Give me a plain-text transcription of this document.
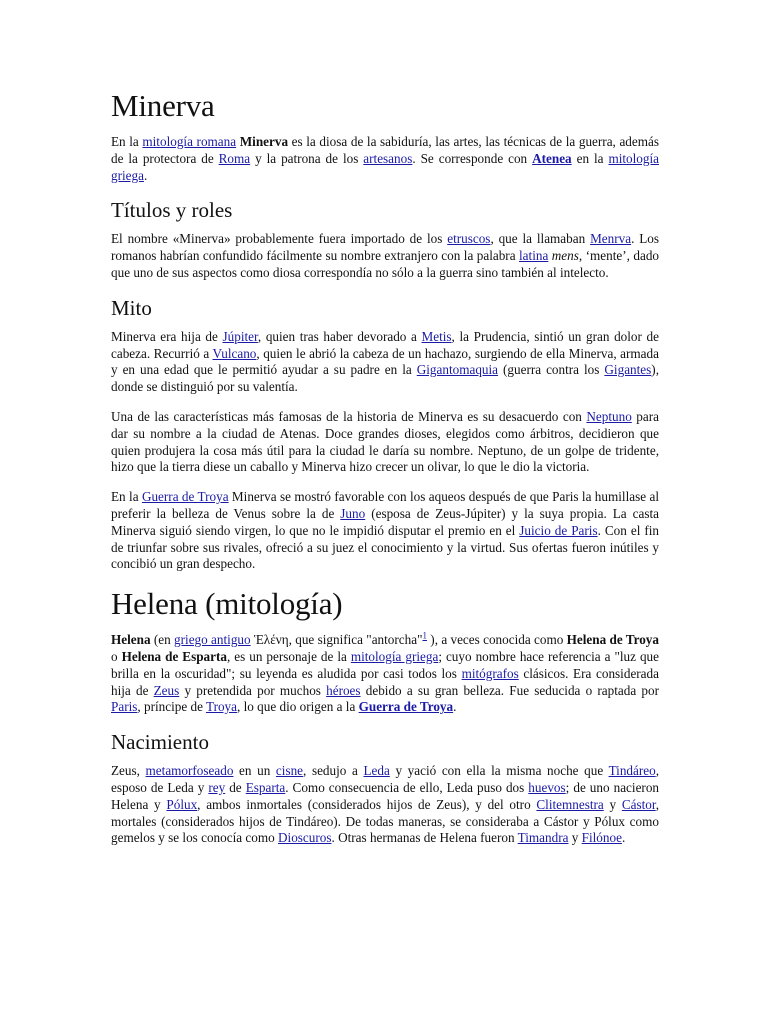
Minerva

En la mitología romana Minerva es la diosa de la sabiduría, las artes, las técnicas de la guerra, además de la protectora de Roma y la patrona de los artesanos. Se corresponde con Atenea en la mitología griega.

Títulos y roles

El nombre «Minerva» probablemente fuera importado de los etruscos, que la llamaban Menrva. Los romanos habrían confundido fácilmente su nombre extranjero con la palabra latina mens, ‘mente’, dado que uno de sus aspectos como diosa correspondía no sólo a la guerra sino también al intelecto.

Mito

Minerva era hija de Júpiter, quien tras haber devorado a Metis, la Prudencia, sintió un gran dolor de cabeza. Recurrió a Vulcano, quien le abrió la cabeza de un hachazo, surgiendo de ella Minerva, armada y en una edad que le permitió ayudar a su padre en la Gigantomaquia (guerra contra los Gigantes), donde se distinguió por su valentía.

Una de las características más famosas de la historia de Minerva es su desacuerdo con Neptuno para dar su nombre a la ciudad de Atenas. Doce grandes dioses, elegidos como árbitros, decidieron que quien produjera la cosa más útil para la ciudad le daría su nombre. Neptuno, de un golpe de tridente, hizo que la tierra diese un caballo y Minerva hizo crecer un olivar, lo que le dio la victoria.

En la Guerra de Troya Minerva se mostró favorable con los aqueos después de que Paris la humillase al preferir la belleza de Venus sobre la de Juno (esposa de Zeus-Júpiter) y la suya propia. La casta Minerva siguió siendo virgen, lo que no le impidió disputar el premio en el Juicio de Paris. Con el fin de triunfar sobre sus rivales, ofreció a su juez el conocimiento y la virtud. Sus ofertas fueron inútiles y concibió un gran despecho.

Helena (mitología)

Helena (en griego antiguo Ἑλένη, que significa "antorcha"$^1$ ), a veces conocida como Helena de Troya o Helena de Esparta, es un personaje de la mitología griega; cuyo nombre hace referencia a "luz que brilla en la oscuridad"; su leyenda es aludida por casi todos los mitógrafos clásicos. Era considerada hija de Zeus y pretendida por muchos héroes debido a su gran belleza. Fue seducida o raptada por Paris, príncipe de Troya, lo que dio origen a la Guerra de Troya.

Nacimiento

Zeus, metamorfoseado en un cisne, sedujo a Leda y yació con ella la misma noche que Tindáreo, esposo de Leda y rey de Esparta. Como consecuencia de ello, Leda puso dos huevos; de uno nacieron Helena y Pólux, ambos inmortales (considerados hijos de Zeus), y del otro Clitemnestra y Cástor, mortales (considerados hijos de Tindáreo). De todas maneras, se consideraba a Cástor y Pólux como gemelos y se los conocía como Dioscuros. Otras hermanas de Helena fueron Timandra y Filónoe.
